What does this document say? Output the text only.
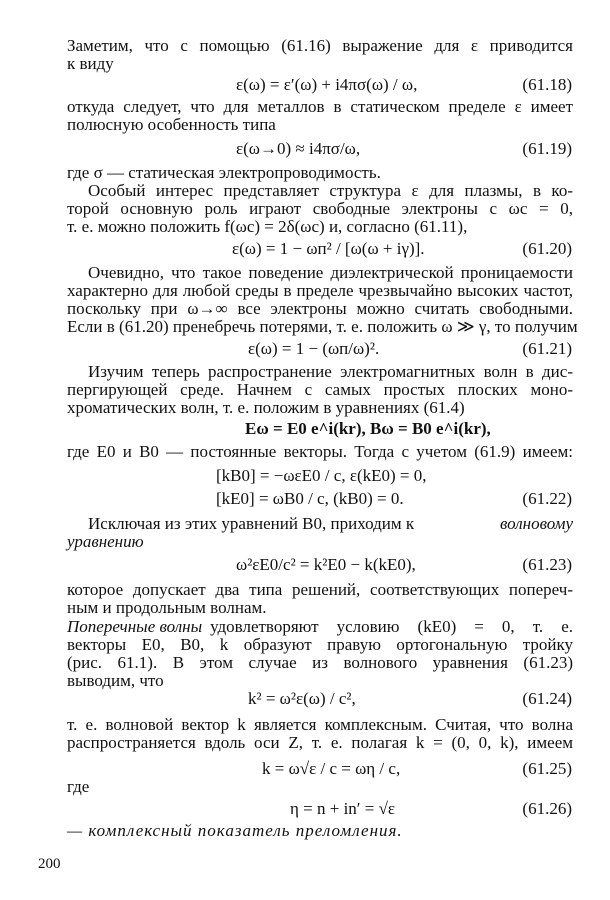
Заметим, что с помощью (61.16) выражение для ε приводится
к виду
ε(ω) = ε′(ω) + i4πσ(ω) / ω,	(61.18)
откуда следует, что для металлов в статическом пределе ε имеет
полюсную особенность типа
ε(ω→0) ≈ i4πσ/ω,	(61.19)
где σ — статическая электропроводимость.
Особый интерес представляет структура ε для плазмы, в ко-
торой основную роль играют свободные электроны с ωc = 0,
т. е. можно положить f(ωc) = 2δ(ωc) и, согласно (61.11),
ε(ω) = 1 − ωп² / [ω(ω + iγ)].	(61.20)
Очевидно, что такое поведение диэлектрической проницаемости
характерно для любой среды в пределе чрезвычайно высоких частот,
поскольку при ω→∞ все электроны можно считать свободными.
Если в (61.20) пренебречь потерями, т. е. положить ω ≫ γ, то получим
ε(ω) = 1 − (ωп/ω)².	(61.21)
Изучим теперь распространение электромагнитных волн в дис-
пергирующей среде. Начнем с самых простых плоских моно-
хроматических волн, т. е. положим в уравнениях (61.4)
Eω = E0 e^i(kr), Bω = B0 e^i(kr),
где E0 и B0 — постоянные векторы. Тогда с учетом (61.9) имеем:
[kB0] = −ωεE0 / c, ε(kE0) = 0,
[kE0] = ωB0 / c, (kB0) = 0.	(61.22)
Исключая из этих уравнений B0, приходим к	волновому
уравнению
ω²εE0/c² = k²E0 − k(kE0),	(61.23)
которое допускает два типа решений, соответствующих попереч-
ным и продольным волнам.
Поперечные волны удовлетворяют условию (kE0) = 0, т. е.
векторы E0, B0, k образуют правую ортогональную тройку
(рис. 61.1). В этом случае из волнового уравнения (61.23)
выводим, что
k² = ω²ε(ω) / c²,	(61.24)
т. е. волновой вектор k является комплексным. Считая, что волна
распространяется вдоль оси Z, т. е. полагая k = (0, 0, k), имеем
k = ω√ε / c = ωη / c,	(61.25)
где
η = n + in′ = √ε	(61.26)
— комплексный показатель преломления.
200
